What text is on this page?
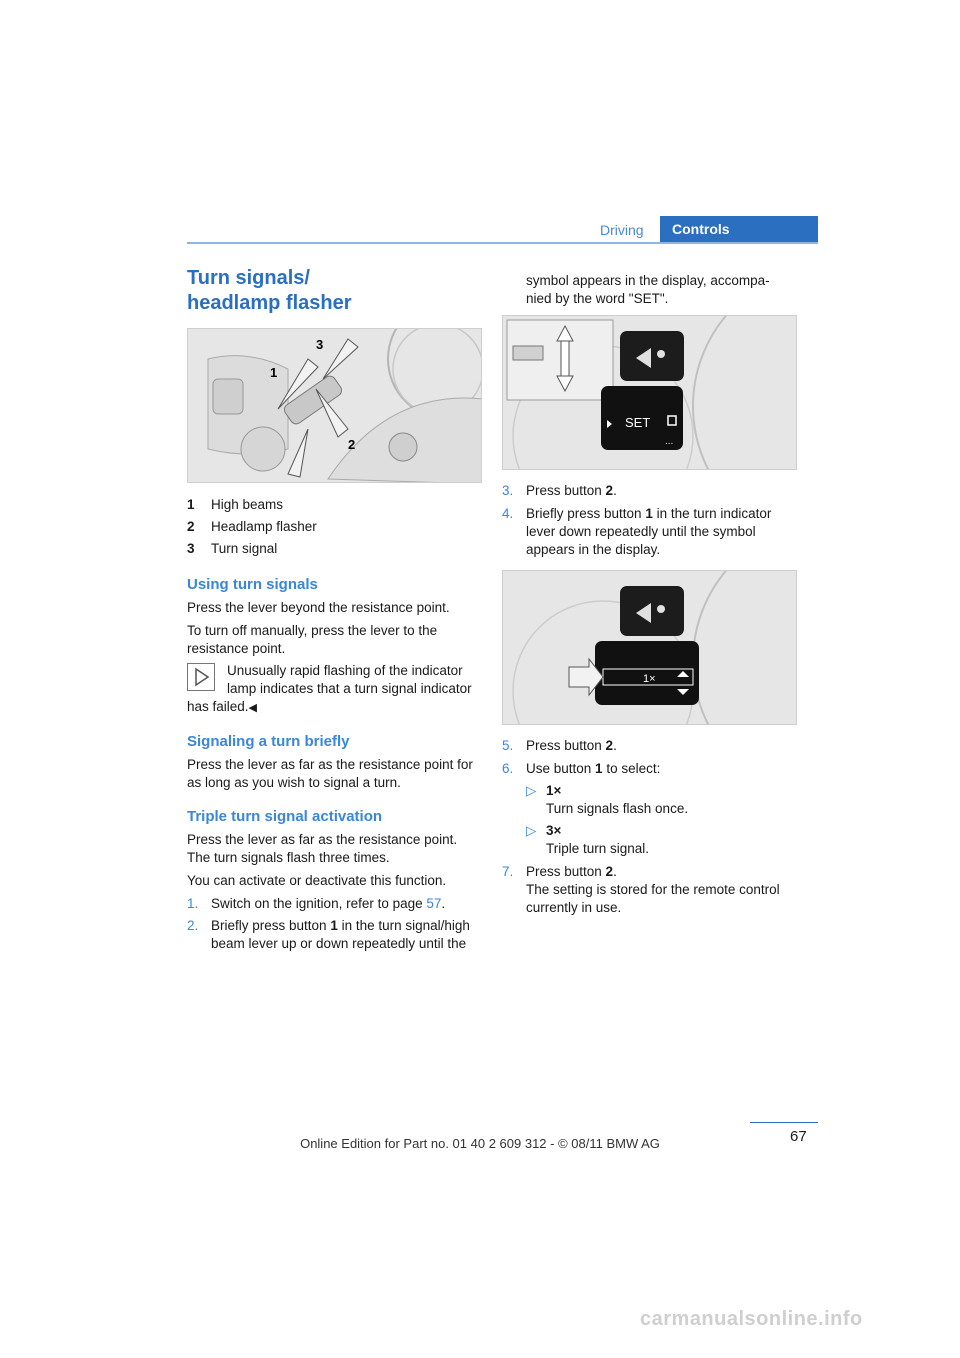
Driving	Controls
Turn signals/
headlamp flasher
1
2
3
1 High beams
2 Headlamp flasher
3 Turn signal
Using turn signals
Press the lever beyond the resistance point.
To turn off manually, press the lever to the
resistance point.
Unusually rapid flashing of the indicator
lamp indicates that a turn signal indicator
has failed.◀
Signaling a turn briefly
Press the lever as far as the resistance point for
as long as you wish to signal a turn.
Triple turn signal activation
Press the lever as far as the resistance point.
The turn signals flash three times.
You can activate or deactivate this function.
1. Switch on the ignition, refer to page 57.
2. Briefly press button 1 in the turn signal/high
beam lever up or down repeatedly until the
symbol appears in the display, accompa-
nied by the word "SET".
SET
...
3. Press button 2.
4. Briefly press button 1 in the turn indicator
lever down repeatedly until the symbol
appears in the display.
1×
5. Press button 2.
6. Use button 1 to select:
▷ 1×
Turn signals flash once.
▷ 3×
Triple turn signal.
7. Press button 2.
The setting is stored for the remote control
currently in use.
67
Online Edition for Part no. 01 40 2 609 312 - © 08/11 BMW AG
carmanualsonline.info
